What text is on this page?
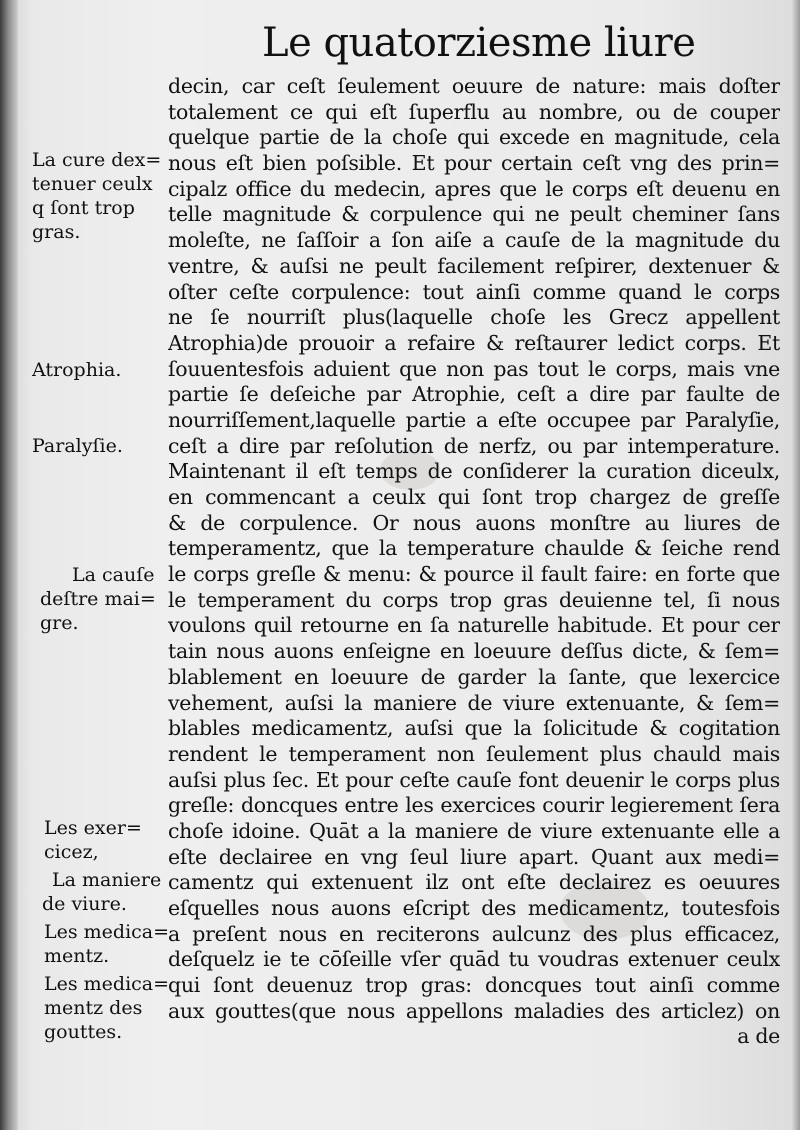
Le quatorziesme liure
decin, car ceſt ſeulement oeuure de nature: mais doſter
totalement ce qui eſt ſuperflu au nombre, ou de couper
quelque partie de la choſe qui excede en magnitude, cela
nous eſt bien poſsible. Et pour certain ceſt vng des prin=
cipalz office du medecin, apres que le corps eſt deuenu en
telle magnitude & corpulence qui ne peult cheminer ſans
moleſte, ne ſaſſoir a ſon aiſe a cauſe de la magnitude du
ventre, & auſsi ne peult facilement reſpirer, dextenuer &
oſter ceſte corpulence: tout ainſi comme quand le corps
ne ſe nourriſt plus(laquelle choſe les Grecz appellent
Atrophia)de prouoir a refaire & reſtaurer ledict corps. Et
ſouuentesfois aduient que non pas tout le corps, mais vne
partie ſe deſeiche par Atrophie, ceſt a dire par faulte de
nourriſſement,laquelle partie a eſte occupee par Paralyſie,
ceſt a dire par reſolution de nerfz, ou par intemperature.
Maintenant il eſt temps de conſiderer la curation diceulx,
en commencant a ceulx qui ſont trop chargez de greſſe
& de corpulence. Or nous auons monſtre au liures de
temperamentz, que la temperature chaulde & ſeiche rend
le corps greſle & menu: & pource il fault faire: en forte que
le temperament du corps trop gras deuienne tel, ſi nous
voulons quil retourne en ſa naturelle habitude. Et pour cer
tain nous auons enſeigne en loeuure deſſus dicte, & ſem=
blablement en loeuure de garder la ſante, que lexercice
vehement, auſsi la maniere de viure extenuante, & ſem=
blables medicamentz, auſsi que la ſolicitude & cogitation
rendent le temperament non ſeulement plus chauld mais
auſsi plus ſec. Et pour ceſte cauſe font deuenir le corps plus
greſle: doncques entre les exercices courir legierement ſera
choſe idoine. Quāt a la maniere de viure extenuante elle a
eſte declairee en vng ſeul liure apart. Quant aux medi=
camentz qui extenuent ilz ont eſte declairez es oeuures
eſquelles nous auons eſcript des medicamentz, toutesfois
a preſent nous en reciterons aulcunz des plus efficacez,
deſquelz ie te cōſeille vſer quād tu voudras extenuer ceulx
qui ſont deuenuz trop gras: doncques tout ainſi comme
aux gouttes(que nous appellons maladies des articlez) on
a de
La cure dex=
tenuer ceulx
q ſont trop
gras.
Atrophia.
Paralyſie.
La cauſe
deſtre mai=
gre.
Les exer=
cicez,
La maniere
de viure.
Les medica=
mentz.
Les medica=
mentz des
gouttes.
